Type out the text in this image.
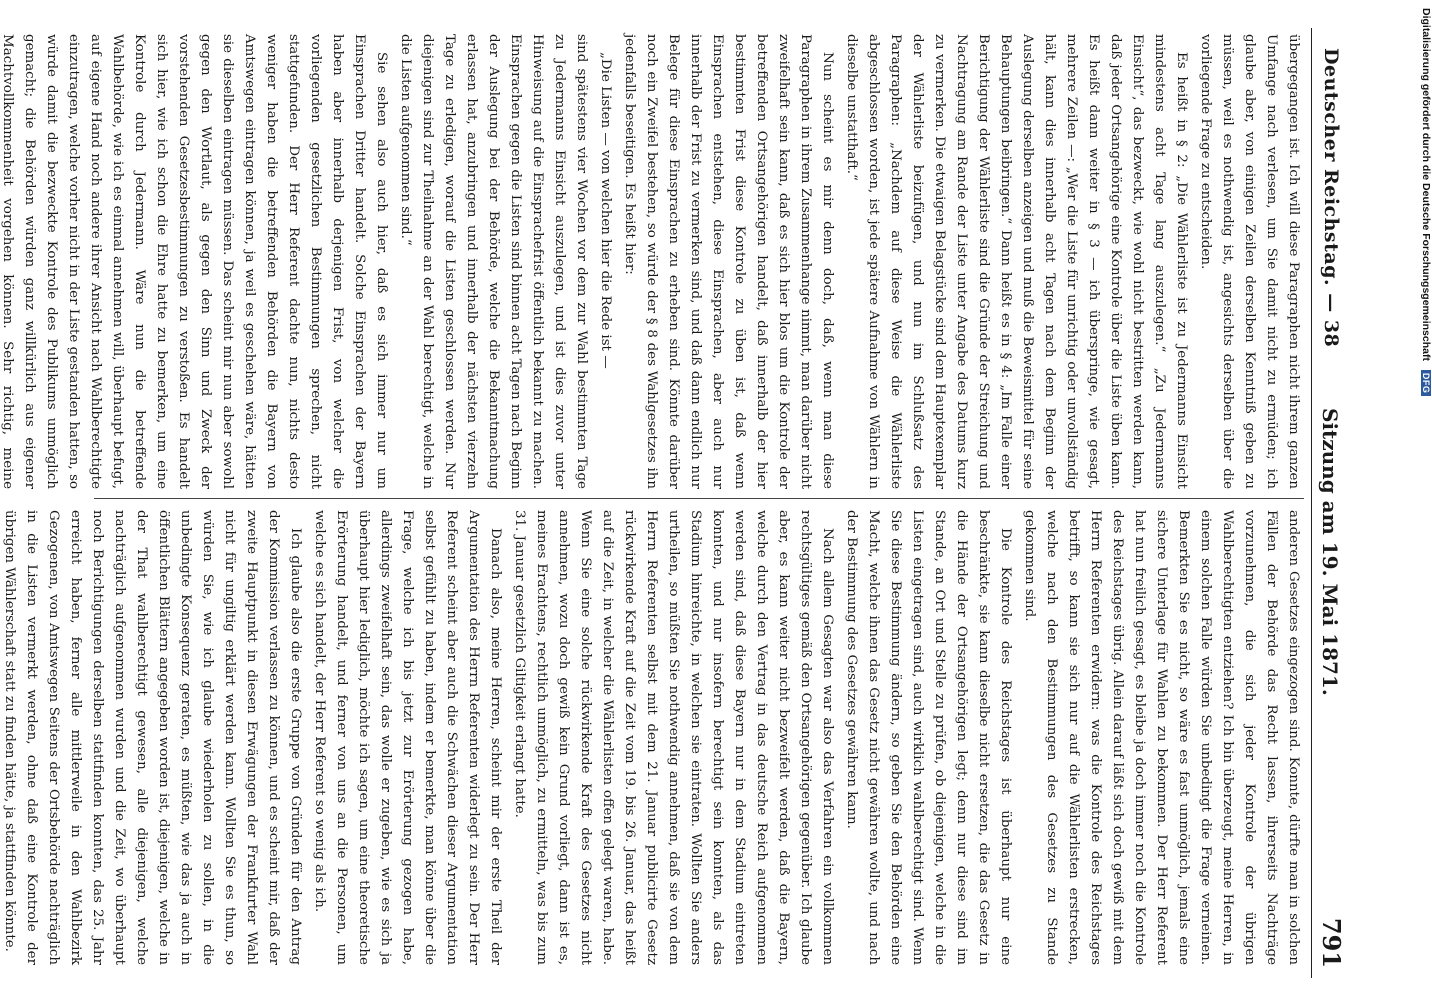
Deutscher Reichstag. — 38
Sitzung am 19. Mai 1871.
791

übergegangen ist. Ich will diese Paragraphen nicht ihrem ganzen Umfange nach verlesen, um Sie damit nicht zu ermüden; ich glaube aber, von einigen Zeilen derselben Kenntniß geben zu müssen, weil es nothwendig ist, angesichts derselben über die vorliegende Frage zu entscheiden.

Es heißt in § 2: „Die Wählerliste ist zu Jedermanns Einsicht mindestens acht Tage lang auszulegen.“ „Zu Jedermanns Einsicht“, das bezweckt, wie wohl nicht bestritten werden kann, daß jeder Ortsangehörige eine Kontrole über die Liste üben kann. Es heißt dann weiter in § 3 — ich überspringe, wie gesagt, mehrere Zeilen —: „Wer die Liste für unrichtig oder unvollständig hält, kann dies innerhalb acht Tagen nach dem Beginn der Auslegung derselben anzeigen und muß die Beweismittel für seine Behauptungen beibringen.“ Dann heißt es in § 4: „Im Falle einer Berichtigung der Wählerliste sind die Gründe der Streichung und Nachtragung am Rande der Liste unter Angabe des Datums kurz zu vermerken. Die etwaigen Belagstücke sind dem Hauptexemplar der Wählerliste beizufügen, und nun im Schlußsatz des Paragraphen: „Nachdem auf diese Weise die Wählerliste abgeschlossen worden, ist jede spätere Aufnahme von Wählern in dieselbe unstatthaft.“

Nun scheint es mir denn doch, daß, wenn man diese Paragraphen in ihrem Zusammenhange nimmt, man darüber nicht zweifelhaft sein kann, daß es sich hier blos um die Kontrole der betreffenden Ortsangehörigen handelt, daß innerhalb der hier bestimmten Frist diese Kontrole zu üben ist, daß wenn Einsprachen entstehen, diese Einsprachen, aber auch nur innerhalb der Frist zu vermerken sind, und daß dann endlich nur Belege für diese Einsprachen zu erheben sind. Könnte darüber noch ein Zweifel bestehen, so würde der § 8 des Wahlgesetzes ihn jedenfalls beseitigen. Es heißt hier:

„Die Listen — von welchen hier die Rede ist —

sind spätestens vier Wochen vor dem zur Wahl bestimmten Tage zu Jedermanns Einsicht auszulegen, und ist dies zuvor unter Hinweisung auf die Einsprachefrist öffentlich bekannt zu machen. Einsprachen gegen die Listen sind binnen acht Tagen nach Beginn der Auslegung bei der Behörde, welche die Bekanntmachung erlassen hat, anzubringen und innerhalb der nächsten vierzehn Tage zu erledigen, worauf die Listen geschlossen werden. Nur diejenigen sind zur Theilnahme an der Wahl berechtigt, welche in die Listen aufgenommen sind.“

Sie sehen also auch hier, daß es sich immer nur um Einsprachen Dritter handelt. Solche Einsprachen der Bayern haben aber innerhalb derjenigen Frist, von welcher die vorliegenden gesetzlichen Bestimmungen sprechen, nicht stattgefunden. Der Herr Referent dachte nun, nichts desto weniger haben die betreffenden Behörden die Bayern von Amtswegen eintragen können, ja weil es geschehen wäre, hätten sie dieselben eintragen müssen. Das scheint mir nun aber sowohl gegen den Wortlaut, als gegen den Sinn und Zweck der vorstehenden Gesetzesbestimmungen zu verstoßen. Es handelt sich hier, wie ich schon die Ehre hatte zu bemerken, um eine Kontrole durch Jedermann. Wäre nun die betreffende Wahlbehörde, wie ich es einmal annehmen will, überhaupt befugt, auf eigene Hand noch andere ihrer Ansicht nach Wahlberechtigte einzutragen, welche vorher nicht in der Liste gestanden hatten, so würde damit die bezweckte Kontrole des Publikums unmöglich gemacht; die Behörden würden ganz willkürlich aus eigener Machtvollkommenheit vorgehen können. Sehr richtig, meine

anderen Gesetzes eingezogen sind. Konnte, dürfte man in solchen Fällen der Behörde das Recht lassen, ihrerseits Nachträge vorzunehmen, die sich jeder Kontrole der übrigen Wahlberechtigten entziehen? Ich bin überzeugt, meine Herren, in einem solchen Falle würden Sie unbedingt die Frage verneinen. Bemerkten Sie es nicht, so wäre es fast unmöglich, jemals eine sichere Unterlage für Wahlen zu bekommen. Der Herr Referent hat nun freilich gesagt, es bleibe ja doch immer noch die Kontrole des Reichstages übrig. Allein darauf läßt sich doch gewiß mit dem Herrn Referenten erwidern: was die Kontrole des Reichstages betrifft, so kann sie sich nur auf die Wählerlisten erstrecken, welche nach den Bestimmungen des Gesetzes zu Stande gekommen sind.

Die Kontrole des Reichstages ist überhaupt nur eine beschränkte, sie kann dieselbe nicht ersetzen, die das Gesetz in die Hände der Ortsangehörigen legt; denn nur diese sind im Stande, an Ort und Stelle zu prüfen, ob diejenigen, welche in die Listen eingetragen sind, auch wirklich wahlberechtigt sind. Wenn Sie diese Bestimmung ändern, so geben Sie den Behörden eine Macht, welche ihnen das Gesetz nicht gewähren wollte, und nach der Bestimmung des Gesetzes gewähren kann.

Nach allem Gesagten war also das Verfahren ein vollkommen rechtsgültiges gemäß den Ortsangehörigen gegenüber. Ich glaube aber, es kann weiter nicht bezweifelt werden, daß die Bayern, welche durch den Vertrag in das deutsche Reich aufgenommen werden sind, daß diese Bayern nur in dem Stadium eintreten konnten, und nur insofern berechtigt sein konnten, als das Stadium hinreichte, in welchen sie eintraten. Wollten Sie anders urtheilen, so müßten Sie nothwendig annehmen, daß sie von dem Herrn Referenten selbst mit dem 21. Januar publicirte Gesetz rückwirkende Kraft auf die Zeit vom 19. bis 26. Januar, das heißt auf die Zeit, in welcher die Wählerlisten offen gelegt waren, habe. Wenn Sie eine solche rückwirkende Kraft des Gesetzes nicht annehmen, wozu doch gewiß kein Grund vorliegt, dann ist es, meines Erachtens, rechtlich unmöglich, zu ermitteln, was bis zum 31. Januar gesetzlich Giltigkeit erlangt hatte.

Danach also, meine Herren, scheint mir der erste Theil der Argumentation des Herrn Referenten widerlegt zu sein. Der Herr Referent scheint aber auch die Schwächen dieser Argumentation selbst gefühlt zu haben, indem er bemerkte, man könne über die Frage, welche ich bis jetzt zur Erörterung gezogen habe, allerdings zweifelhaft sein, das wolle er zugeben, wie es sich ja überhaupt hier lediglich, möchte ich sagen, um eine theoretische Erörterung handelt, und ferner von uns an die Personen, um welche es sich handelt, der Herr Referent so wenig als ich.

Ich glaube also die erste Gruppe von Gründen für den Antrag der Kommission verlassen zu können, und es scheint mir, daß der zweite Hauptpunkt in diesen Erwägungen der Frankfurter Wahl nicht für ungiltig erklärt werden kann. Wollten Sie es thun, so würden Sie, wie ich glaube wiederholen zu sollen, in die unbedingte Konsequenz geraten, es müßten, wie das ja auch in öffentlichen Blättern angegeben worden ist, diejenigen, welche in der That wahlberechtigt gewesen, alle diejenigen, welche nachträglich aufgenommen wurden und die Zeit, wo überhaupt noch Berichtigungen derselben stattfinden konnten, das 25. Jahr erreicht haben, ferner alle mittlerweile in den Wahlbezirk Gezogenen, von Amtswegen Seitens der Ortsbehörde nachträglich in die Listen vermerkt werden, ohne daß eine Kontrole der übrigen Wählerschaft statt zu finden hätte, ja stattfinden könnte.

Digitalisierung gefördert durch die Deutsche Forschungsgemeinschaft DFG
